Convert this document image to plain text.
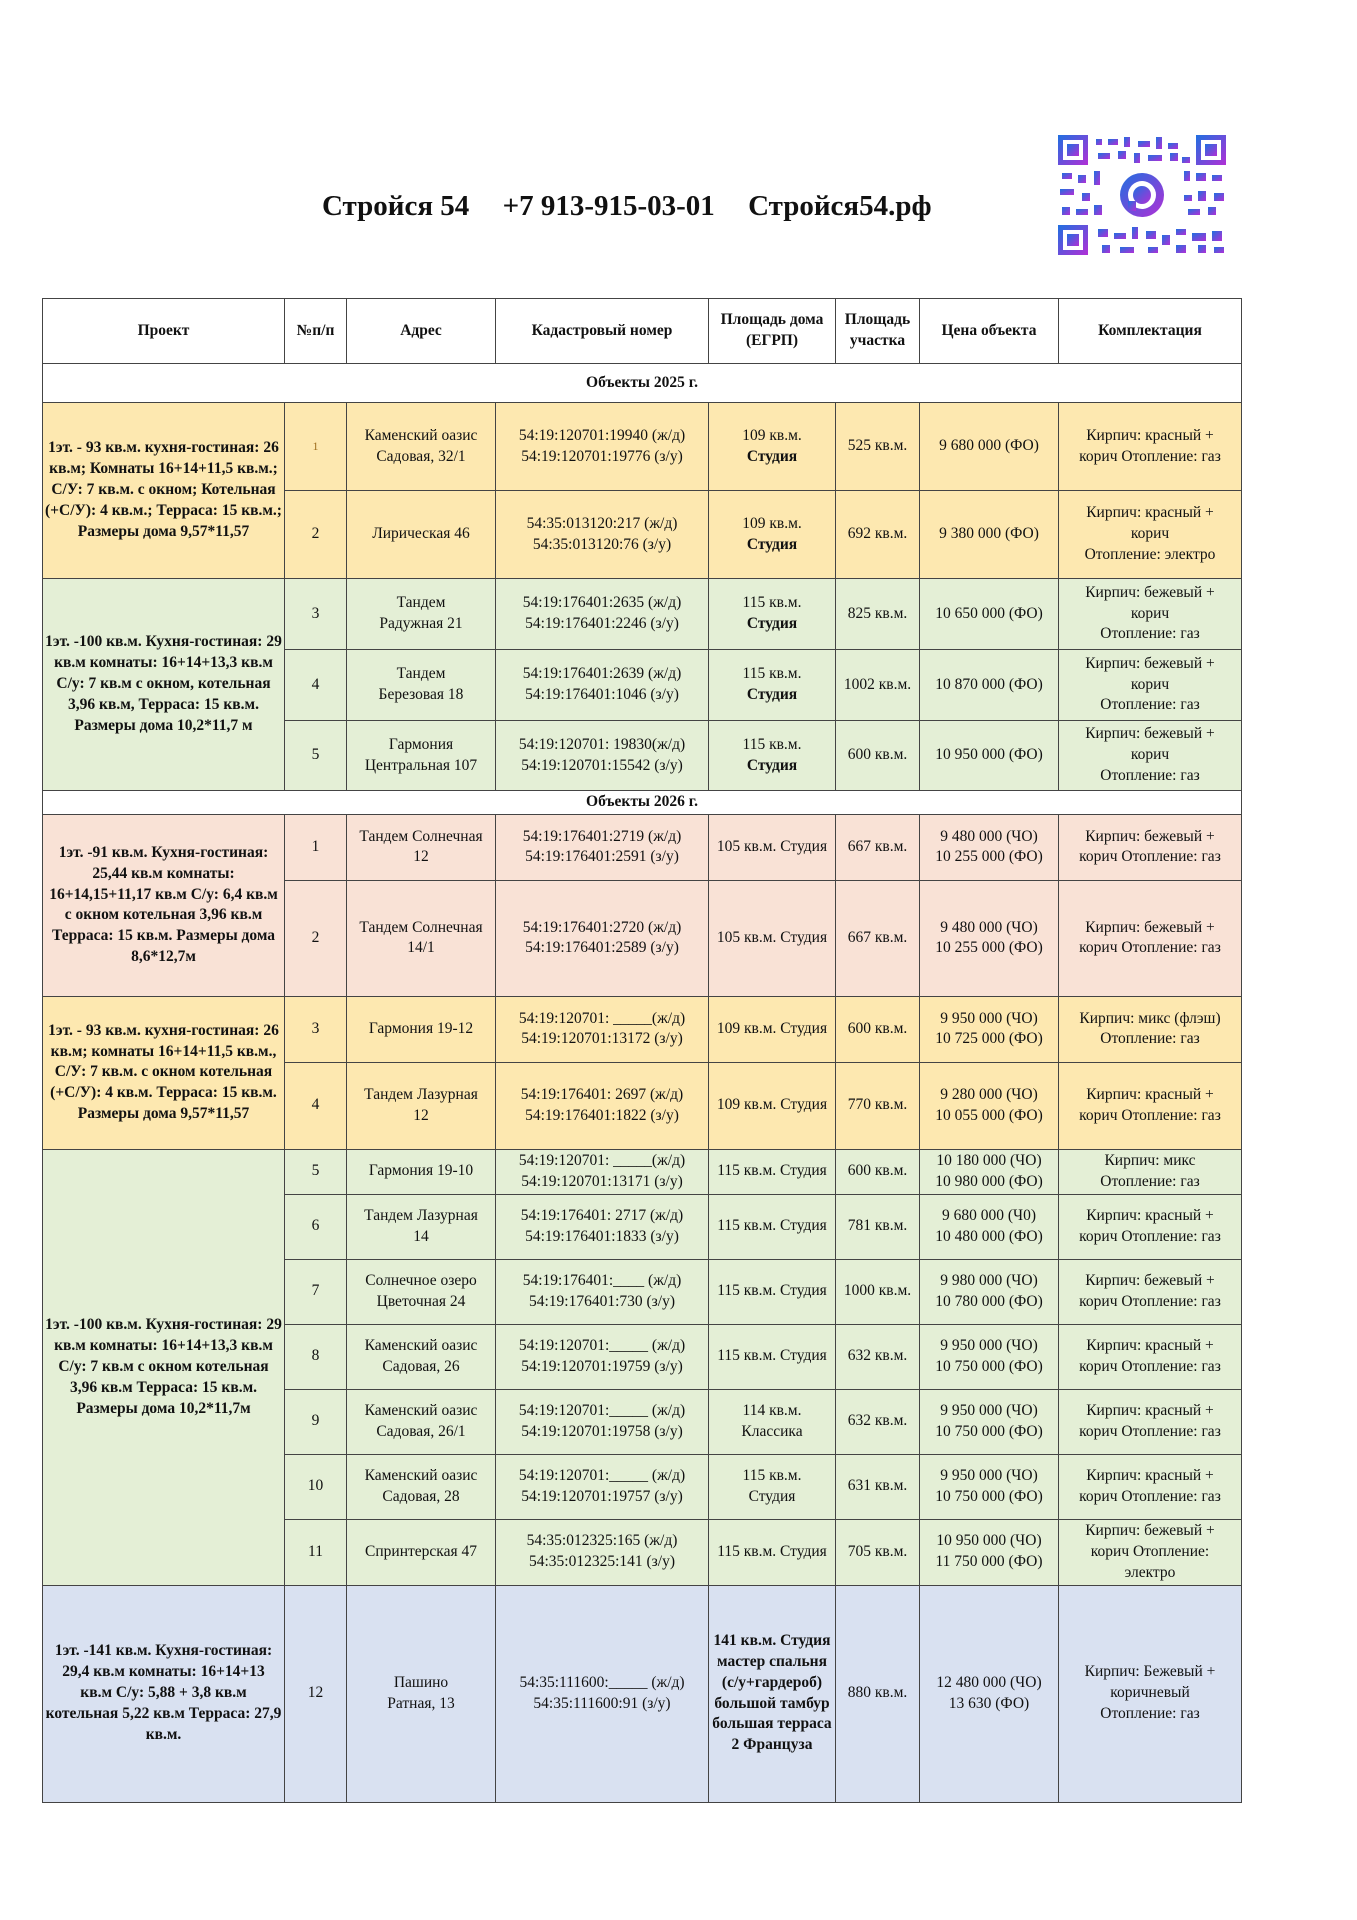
Стройся 54 +7 913-915-03-01 Стройся54.рф
Проект	№п/п	Адрес	Кадастровый номер	Площадь дома (ЕГРП)	Площадь участка	Цена объекта	Комплектация
Объекты 2025 г.							
1эт. - 93 кв.м. кухня-гостиная: 26 кв.м; Комнаты 16+14+11,5 кв.м.; С/У: 7 кв.м. с окном; Котельная (+С/У): 4 кв.м.; Терраса: 15 кв.м.; Размеры дома 9,57*11,57	1	Каменский оазис
Садовая, 32/1	54:19:120701:19940 (ж/д)
54:19:120701:19776 (з/у)	109 кв.м.
Студия	525 кв.м.	9 680 000 (ФО)	Кирпич: красный +
корич Отопление: газ
	2	Лирическая 46	54:35:013120:217 (ж/д)
54:35:013120:76 (з/у)	109 кв.м.
Студия	692 кв.м.	9 380 000 (ФО)	Кирпич: красный +
корич
Отопление: электро
1эт. -100 кв.м. Кухня-гостиная: 29 кв.м комнаты: 16+14+13,3 кв.м С/у: 7 кв.м с окном, котельная 3,96 кв.м, Терраса: 15 кв.м. Размеры дома 10,2*11,7 м	3	Тандем
Радужная 21	54:19:176401:2635 (ж/д)
54:19:176401:2246 (з/у)	115 кв.м.
Студия	825 кв.м.	10 650 000 (ФО)	Кирпич: бежевый +
корич
Отопление: газ
	4	Тандем
Березовая 18	54:19:176401:2639 (ж/д)
54:19:176401:1046 (з/у)	115 кв.м.
Студия	1002 кв.м.	10 870 000 (ФО)	Кирпич: бежевый +
корич
Отопление: газ
	5	Гармония
Центральная 107	54:19:120701: 19830(ж/д)
54:19:120701:15542 (з/у)	115 кв.м.
Студия	600 кв.м.	10 950 000 (ФО)	Кирпич: бежевый +
корич
Отопление: газ
Объекты 2026 г.							
1эт. -91 кв.м. Кухня-гостиная: 25,44 кв.м комнаты: 16+14,15+11,17 кв.м С/у: 6,4 кв.м с окном котельная 3,96 кв.м Терраса: 15 кв.м. Размеры дома 8,6*12,7м	1	Тандем Солнечная
12	54:19:176401:2719 (ж/д)
54:19:176401:2591 (з/у)	105 кв.м. Студия	667 кв.м.	9 480 000 (ЧО)
10 255 000 (ФО)	Кирпич: бежевый +
корич Отопление: газ
	2	Тандем Солнечная
14/1	54:19:176401:2720 (ж/д)
54:19:176401:2589 (з/у)	105 кв.м. Студия	667 кв.м.	9 480 000 (ЧО)
10 255 000 (ФО)	Кирпич: бежевый +
корич Отопление: газ
1эт. - 93 кв.м. кухня-гостиная: 26 кв.м; комнаты 16+14+11,5 кв.м., С/У: 7 кв.м. с окном котельная (+С/У): 4 кв.м. Терраса: 15 кв.м. Размеры дома 9,57*11,57	3	Гармония 19-12	54:19:120701: _____(ж/д)
54:19:120701:13172 (з/у)	109 кв.м. Студия	600 кв.м.	9 950 000 (ЧО)
10 725 000 (ФО)	Кирпич: микс (флэш)
Отопление: газ
	4	Тандем Лазурная
12	54:19:176401: 2697 (ж/д)
54:19:176401:1822 (з/у)	109 кв.м. Студия	770 кв.м.	9 280 000 (ЧО)
10 055 000 (ФО)	Кирпич: красный +
корич Отопление: газ
1эт. -100 кв.м. Кухня-гостиная: 29 кв.м комнаты: 16+14+13,3 кв.м С/у: 7 кв.м с окном котельная 3,96 кв.м Терраса: 15 кв.м. Размеры дома 10,2*11,7м	5	Гармония 19-10	54:19:120701: _____(ж/д)
54:19:120701:13171 (з/у)	115 кв.м. Студия	600 кв.м.	10 180 000 (ЧО)
10 980 000 (ФО)	Кирпич: микс
Отопление: газ
	6	Тандем Лазурная
14	54:19:176401: 2717 (ж/д)
54:19:176401:1833 (з/у)	115 кв.м. Студия	781 кв.м.	9 680 000 (Ч0)
10 480 000 (ФО)	Кирпич: красный +
корич Отопление: газ
	7	Солнечное озеро
Цветочная 24	54:19:176401:____ (ж/д)
54:19:176401:730 (з/у)	115 кв.м. Студия	1000 кв.м.	9 980 000 (ЧО)
10 780 000 (ФО)	Кирпич: бежевый +
корич Отопление: газ
	8	Каменский оазис
Садовая, 26	54:19:120701:_____ (ж/д)
54:19:120701:19759 (з/у)	115 кв.м. Студия	632 кв.м.	9 950 000 (ЧО)
10 750 000 (ФО)	Кирпич: красный +
корич Отопление: газ
	9	Каменский оазис
Садовая, 26/1	54:19:120701:_____ (ж/д)
54:19:120701:19758 (з/у)	114 кв.м.
Классика	632 кв.м.	9 950 000 (ЧО)
10 750 000 (ФО)	Кирпич: красный +
корич Отопление: газ
	10	Каменский оазис
Садовая, 28	54:19:120701:_____ (ж/д)
54:19:120701:19757 (з/у)	115 кв.м.
Студия	631 кв.м.	9 950 000 (ЧО)
10 750 000 (ФО)	Кирпич: красный +
корич Отопление: газ
	11	Спринтерская 47	54:35:012325:165 (ж/д)
54:35:012325:141 (з/у)	115 кв.м. Студия	705 кв.м.	10 950 000 (ЧО)
11 750 000 (ФО)	Кирпич: бежевый +
корич Отопление:
электро
1эт. -141 кв.м. Кухня-гостиная: 29,4 кв.м комнаты: 16+14+13 кв.м С/у: 5,88 + 3,8 кв.м котельная 5,22 кв.м Терраса: 27,9 кв.м.	12	Пашино
Ратная, 13	54:35:111600:_____ (ж/д)
54:35:111600:91 (з/у)	141 кв.м. Студия мастер спальня (с/у+гардероб) большой тамбур большая терраса 2 Француза	880 кв.м.	12 480 000 (ЧО)
13 630 (ФО)	Кирпич: Бежевый +
коричневый
Отопление: газ
